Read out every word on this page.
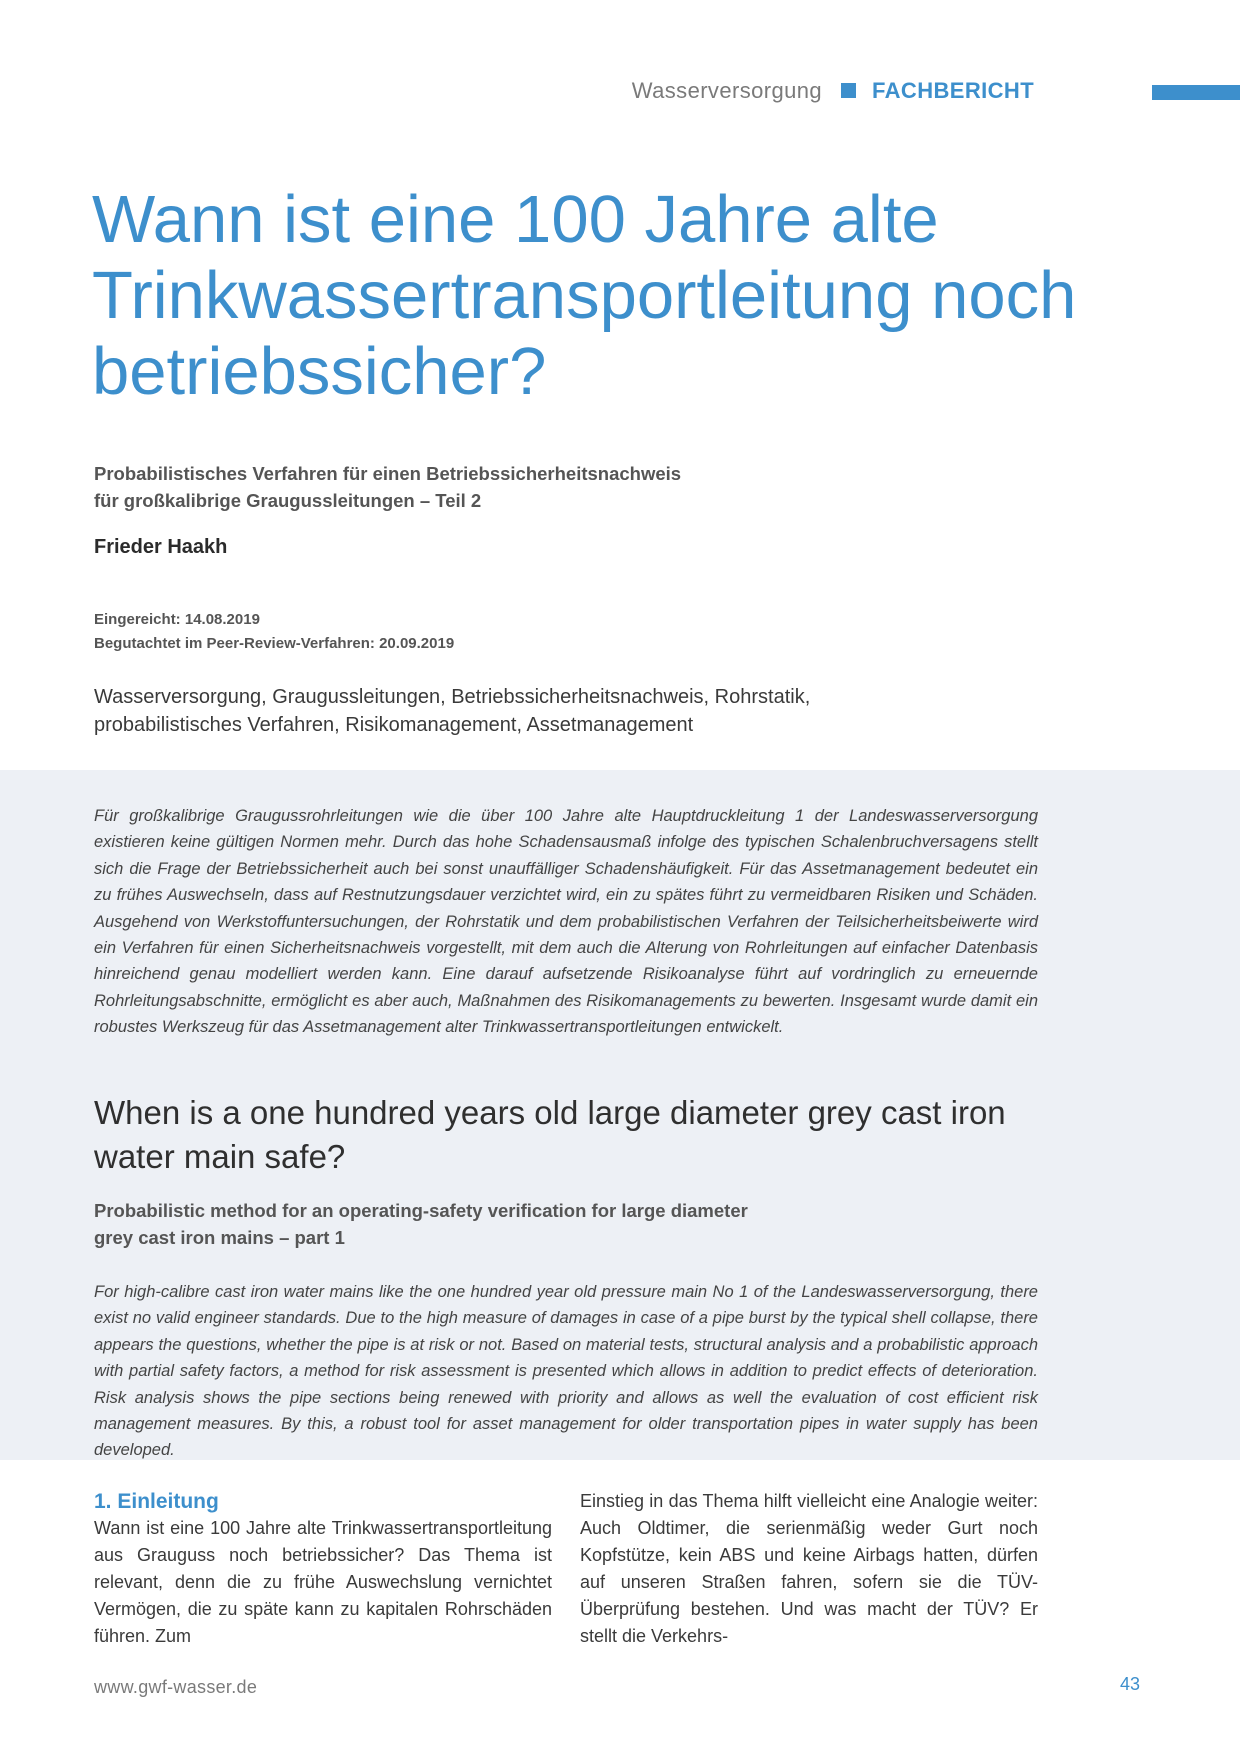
Wasserversorgung FACHBERICHT
Wann ist eine 100 Jahre alte
Trinkwassertransportleitung noch
betriebssicher?
Probabilistisches Verfahren für einen Betriebssicherheitsnachweis
für großkalibrige Graugussleitungen – Teil 2
Frieder Haakh
Eingereicht: 14.08.2019
Begutachtet im Peer-Review-Verfahren: 20.09.2019
Wasserversorgung, Graugussleitungen, Betriebssicherheitsnachweis, Rohrstatik,
probabilistisches Verfahren, Risikomanagement, Assetmanagement

Für großkalibrige Graugussrohrleitungen wie die über 100 Jahre alte Hauptdruckleitung 1 der Landeswasserversorgung existieren keine gültigen Normen mehr. Durch das hohe Schadensausmaß infolge des typischen Schalenbruchversagens stellt sich die Frage der Betriebssicherheit auch bei sonst unauffälliger Schadenshäufigkeit. Für das Assetmanagement bedeutet ein zu frühes Auswechseln, dass auf Restnutzungsdauer verzichtet wird, ein zu spätes führt zu vermeidbaren Risiken und Schäden. Ausgehend von Werkstoffuntersuchungen, der Rohrstatik und dem probabilistischen Verfahren der Teilsicherheitsbeiwerte wird ein Verfahren für einen Sicherheitsnachweis vorgestellt, mit dem auch die Alterung von Rohrleitungen auf einfacher Datenbasis hinreichend genau modelliert werden kann. Eine darauf aufsetzende Risikoanalyse führt auf vordringlich zu erneuernde Rohrleitungsabschnitte, ermöglicht es aber auch, Maßnahmen des Risikomanagements zu bewerten. Insgesamt wurde damit ein robustes Werkszeug für das Assetmanagement alter Trinkwassertransportleitungen entwickelt.

When is a one hundred years old large diameter grey cast iron
water main safe?
Probabilistic method for an operating-safety verification for large diameter
grey cast iron mains – part 1

For high-calibre cast iron water mains like the one hundred year old pressure main No 1 of the Landeswasserversorgung, there exist no valid engineer standards. Due to the high measure of damages in case of a pipe burst by the typical shell collapse, there appears the questions, whether the pipe is at risk or not. Based on material tests, structural analysis and a probabilistic approach with partial safety factors, a method for risk assessment is presented which allows in addition to predict effects of deterioration. Risk analysis shows the pipe sections being renewed with priority and allows as well the evaluation of cost efficient risk management measures. By this, a robust tool for asset management for older transportation pipes in water supply has been developed.

1. Einleitung
Wann ist eine 100 Jahre alte Trinkwassertransportleitung aus Grauguss noch betriebssicher? Das Thema ist relevant, denn die zu frühe Auswechslung vernichtet Vermögen, die zu späte kann zu kapitalen Rohrschäden führen. Zum
Einstieg in das Thema hilft vielleicht eine Analogie weiter: Auch Oldtimer, die serienmäßig weder Gurt noch Kopfstütze, kein ABS und keine Airbags hatten, dürfen auf unseren Straßen fahren, sofern sie die TÜV-Überprüfung bestehen. Und was macht der TÜV? Er stellt die Verkehrs-
www.gwf-wasser.de	43
